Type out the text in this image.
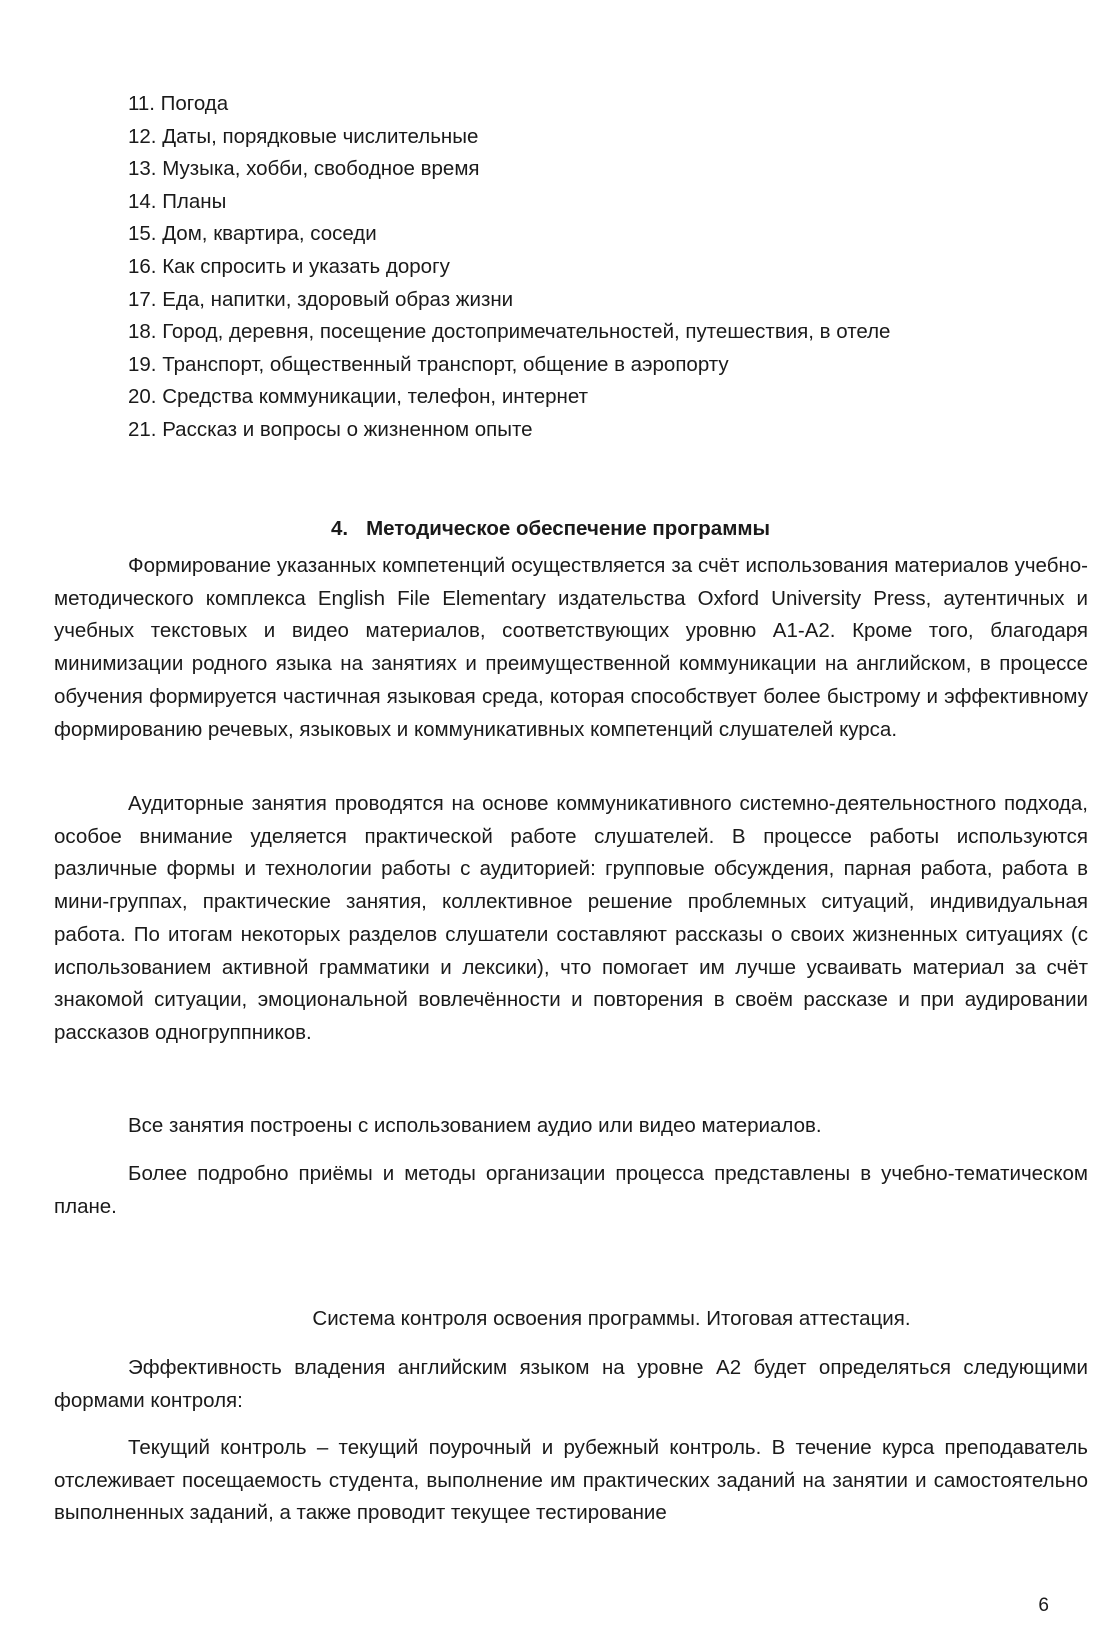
11. Погода
12. Даты, порядковые числительные
13. Музыка, хобби, свободное время
14. Планы
15. Дом, квартира, соседи
16. Как спросить и указать дорогу
17. Еда, напитки, здоровый образ жизни
18. Город, деревня, посещение достопримечательностей, путешествия, в отеле
19. Транспорт, общественный транспорт, общение в аэропорту
20. Средства коммуникации, телефон, интернет
21. Рассказ и вопросы о жизненном опыте
4. Методическое обеспечение программы

Формирование указанных компетенций осуществляется за счёт использования материалов учебно-методического комплекса English File Elementary издательства Oxford University Press, аутентичных и учебных текстовых и видео материалов, соответствующих уровню A1-A2. Кроме того, благодаря минимизации родного языка на занятиях и преимущественной коммуникации на английском, в процессе обучения формируется частичная языковая среда, которая способствует более быстрому и эффективному формированию речевых, языковых и коммуникативных компетенций слушателей курса.

Аудиторные занятия проводятся на основе коммуникативного системно-деятельностного подхода, особое внимание уделяется практической работе слушателей. В процессе работы используются различные формы и технологии работы с аудиторией: групповые обсуждения, парная работа, работа в мини-группах, практические занятия, коллективное решение проблемных ситуаций, индивидуальная работа. По итогам некоторых разделов слушатели составляют рассказы о своих жизненных ситуациях (с использованием активной грамматики и лексики), что помогает им лучше усваивать материал за счёт знакомой ситуации, эмоциональной вовлечённости и повторения в своём рассказе и при аудировании рассказов одногруппников.

Все занятия построены с использованием аудио или видео материалов.

Более подробно приёмы и методы организации процесса представлены в учебно-тематическом плане.

Система контроля освоения программы. Итоговая аттестация.

Эффективность владения английским языком на уровне А2 будет определяться следующими формами контроля:

Текущий контроль – текущий поурочный и рубежный контроль. В течение курса преподаватель отслеживает посещаемость студента, выполнение им практических заданий на занятии и самостоятельно выполненных заданий, а также проводит текущее тестирование

6
